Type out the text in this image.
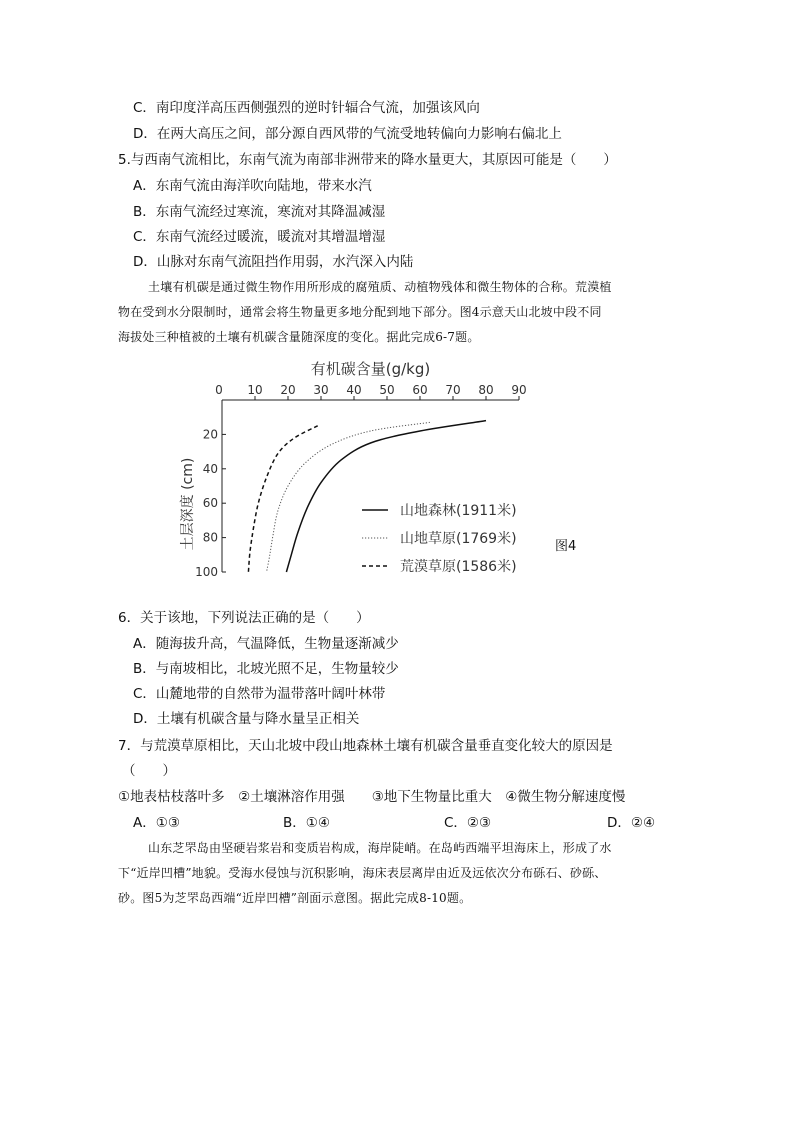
C．南印度洋高压西侧强烈的逆时针辐合气流，加强该风向
D．在两大高压之间，部分源自西风带的气流受地转偏向力影响右偏北上
5.与西南气流相比，东南气流为南部非洲带来的降水量更大，其原因可能是（　　）
A．东南气流由海洋吹向陆地，带来水汽
B．东南气流经过寒流，寒流对其降温减湿
C．东南气流经过暖流，暖流对其增温增湿
D．山脉对东南气流阻挡作用弱，水汽深入内陆
土壤有机碳是通过微生物作用所形成的腐殖质、动植物残体和微生物体的合称。荒漠植
物在受到水分限制时，通常会将生物量更多地分配到地下部分。图4示意天山北坡中段不同
海拔处三种植被的土壤有机碳含量随深度的变化。据此完成6-7题。
有机碳含量(g/kg)
0 10 20 30 40 50 60 70 80 90
20
40
60
80
100
土层深度 (cm)	山地森林(1911米)
山地草原(1769米)
荒漠草原(1586米)
图4
6．关于该地，下列说法正确的是（　　）
A．随海拔升高，气温降低，生物量逐渐减少
B．与南坡相比，北坡光照不足，生物量较少
C．山麓地带的自然带为温带落叶阔叶林带
D．土壤有机碳含量与降水量呈正相关
7．与荒漠草原相比，天山北坡中段山地森林土壤有机碳含量垂直变化较大的原因是
（　　）
①地表枯枝落叶多　②土壤淋溶作用强　　③地下生物量比重大　④微生物分解速度慢
A．①③	B．①④	C．②③	D．②④
山东芝罘岛由坚硬岩浆岩和变质岩构成，海岸陡峭。在岛屿西端平坦海床上，形成了水
下“近岸凹槽”地貌。受海水侵蚀与沉积影响，海床表层离岸由近及远依次分布砾石、砂砾、
砂。图5为芝罘岛西端“近岸凹槽”剖面示意图。据此完成8-10题。
